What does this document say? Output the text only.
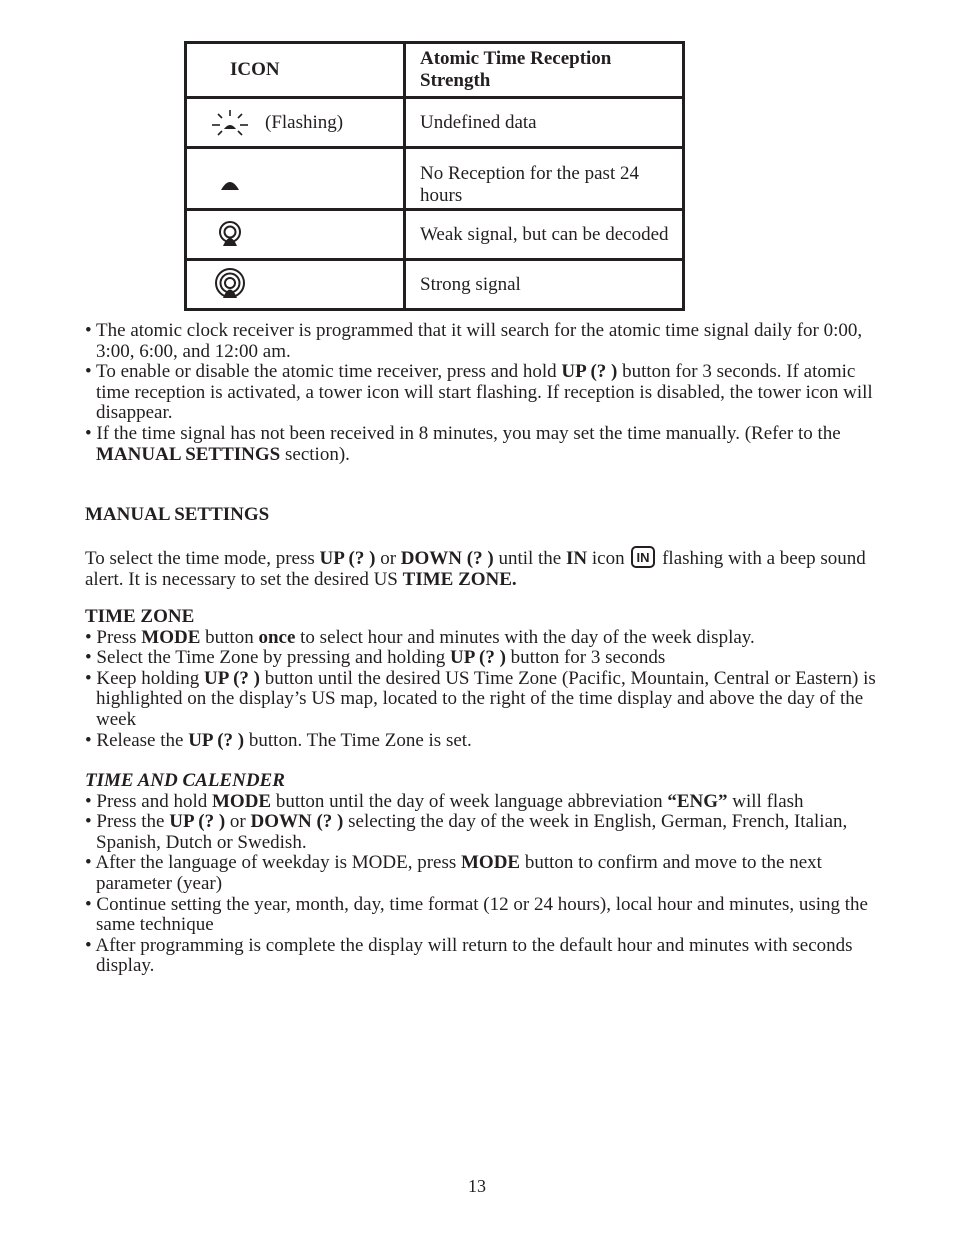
ICON	Atomic Time Reception Strength

(Flashing)	Undefined data

	No Reception for the past 24 hours

	Weak signal, but can be decoded

	Strong signal

• The atomic clock receiver is programmed that it will search for the atomic time signal daily for 0:00, 3:00, 6:00, and 12:00 am.

• To enable or disable the atomic time receiver, press and hold UP (? ) button for 3 seconds. If atomic time reception is activated, a tower icon will start flashing. If reception is disabled, the tower icon will disappear.

• If the time signal has not been received in 8 minutes, you may set the time manually. (Refer to the MANUAL SETTINGS section).

MANUAL SETTINGS

To select the time mode, press UP (? ) or DOWN (? ) until the IN icon IN flashing with a beep sound alert. It is necessary to set the desired US TIME ZONE.

TIME ZONE

• Press MODE button once to select hour and minutes with the day of the week display.

• Select the Time Zone by pressing and holding UP (? ) button for 3 seconds

• Keep holding UP (? ) button until the desired US Time Zone (Pacific, Mountain, Central or Eastern) is highlighted on the display’s US map, located to the right of the time display and above the day of the week

• Release the UP (? ) button. The Time Zone is set.

TIME AND CALENDER

• Press and hold MODE button until the day of week language abbreviation “ENG” will flash

• Press the UP (? ) or DOWN (? ) selecting the day of the week in English, German, French, Italian, Spanish, Dutch or Swedish.

• After the language of weekday is MODE, press MODE button to confirm and move to the next parameter (year)

• Continue setting the year, month, day, time format (12 or 24 hours), local hour and minutes, using the same technique

• After programming is complete the display will return to the default hour and minutes with seconds display.

13
